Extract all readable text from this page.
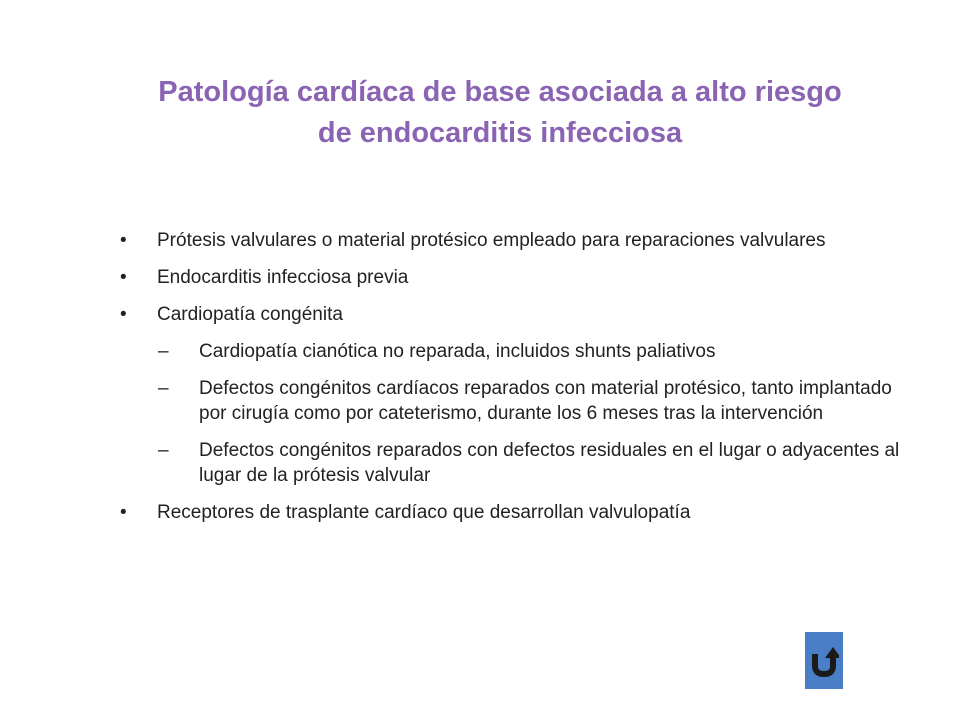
Patología cardíaca de base asociada a alto riesgo
de endocarditis infecciosa
• Prótesis valvulares o material protésico empleado para reparaciones valvulares
• Endocarditis infecciosa previa
• Cardiopatía congénita
– Cardiopatía cianótica no reparada, incluidos shunts paliativos
– Defectos congénitos cardíacos reparados con material protésico, tanto implantado por cirugía como por cateterismo, durante los 6 meses tras la intervención
– Defectos congénitos reparados con defectos residuales en el lugar o adyacentes al lugar de la prótesis valvular
• Receptores de trasplante cardíaco que desarrollan valvulopatía
